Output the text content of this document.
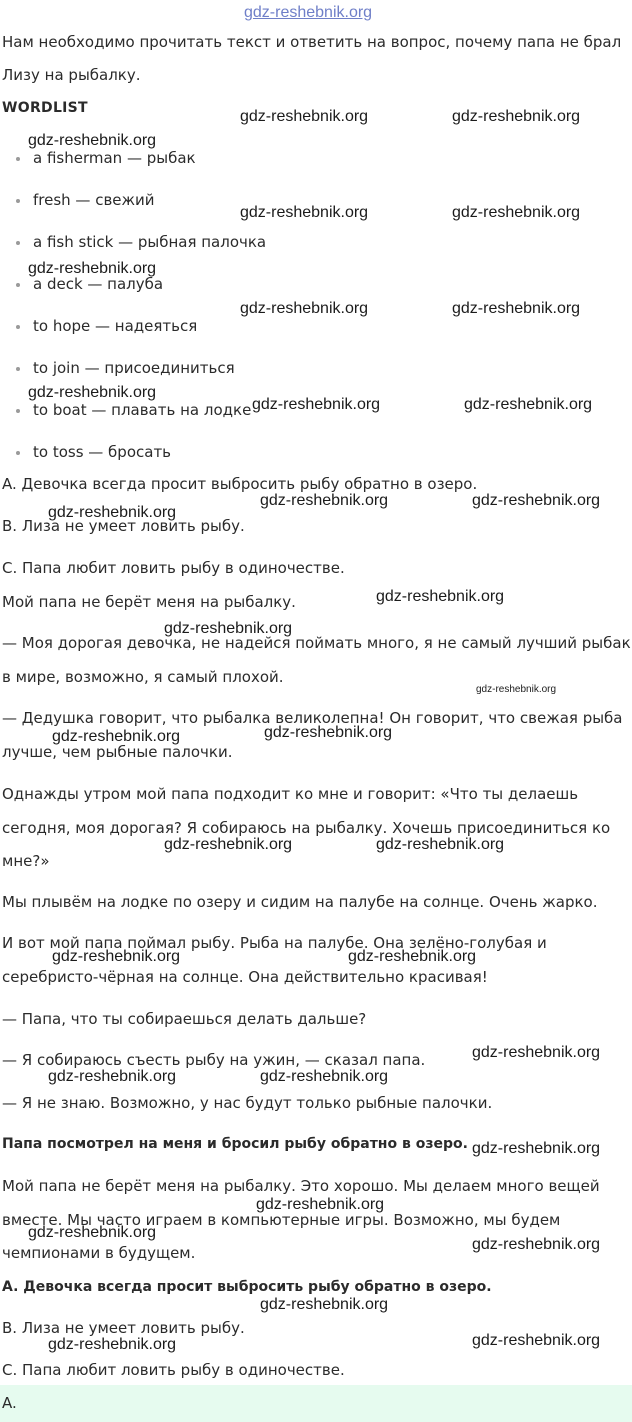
gdz-reshebnik.org
Нам необходимо прочитать текст и ответить на вопрос, почему папа не брал
Лизу на рыбалку.
WORDLIST
a fisherman — рыбак
fresh — свежий
a fish stick — рыбная палочка
a deck — палуба
to hope — надеяться
to join — присоединиться
to boat — плавать на лодке
to toss — бросать
A. Девочка всегда просит выбросить рыбу обратно в озеро.
B. Лиза не умеет ловить рыбу.
C. Папа любит ловить рыбу в одиночестве.
Мой папа не берёт меня на рыбалку.
— Моя дорогая девочка, не надейся поймать много, я не самый лучший рыбак
в мире, возможно, я самый плохой.
— Дедушка говорит, что рыбалка великолепна! Он говорит, что свежая рыба
лучше, чем рыбные палочки.
Однажды утром мой папа подходит ко мне и говорит: «Что ты делаешь
сегодня, моя дорогая? Я собираюсь на рыбалку. Хочешь присоединиться ко
мне?»
Мы плывём на лодке по озеру и сидим на палубе на солнце. Очень жарко.
И вот мой папа поймал рыбу. Рыба на палубе. Она зелёно-голубая и
серебристо-чёрная на солнце. Она действительно красивая!
— Папа, что ты собираешься делать дальше?
— Я собираюсь съесть рыбу на ужин, — сказал папа.
— Я не знаю. Возможно, у нас будут только рыбные палочки.
Папа посмотрел на меня и бросил рыбу обратно в озеро.
Мой папа не берёт меня на рыбалку. Это хорошо. Мы делаем много вещей
вместе. Мы часто играем в компьютерные игры. Возможно, мы будем
чемпионами в будущем.
A. Девочка всегда просит выбросить рыбу обратно в озеро.
B. Лиза не умеет ловить рыбу.
C. Папа любит ловить рыбу в одиночестве.
A.
gdz-reshebnik.org	gdz-reshebnik.org
gdz-reshebnik.org
gdz-reshebnik.org	gdz-reshebnik.org
gdz-reshebnik.org
gdz-reshebnik.org	gdz-reshebnik.org
gdz-reshebnik.org
gdz-reshebnik.org	gdz-reshebnik.org
gdz-reshebnik.org	gdz-reshebnik.org
gdz-reshebnik.org
gdz-reshebnik.org
gdz-reshebnik.org
gdz-reshebnik.org
gdz-reshebnik.org
gdz-reshebnik.org
gdz-reshebnik.org	gdz-reshebnik.org
gdz-reshebnik.org	gdz-reshebnik.org
gdz-reshebnik.org
gdz-reshebnik.org	gdz-reshebnik.org
gdz-reshebnik.org
gdz-reshebnik.org
gdz-reshebnik.org
gdz-reshebnik.org
gdz-reshebnik.org
gdz-reshebnik.org	gdz-reshebnik.org
